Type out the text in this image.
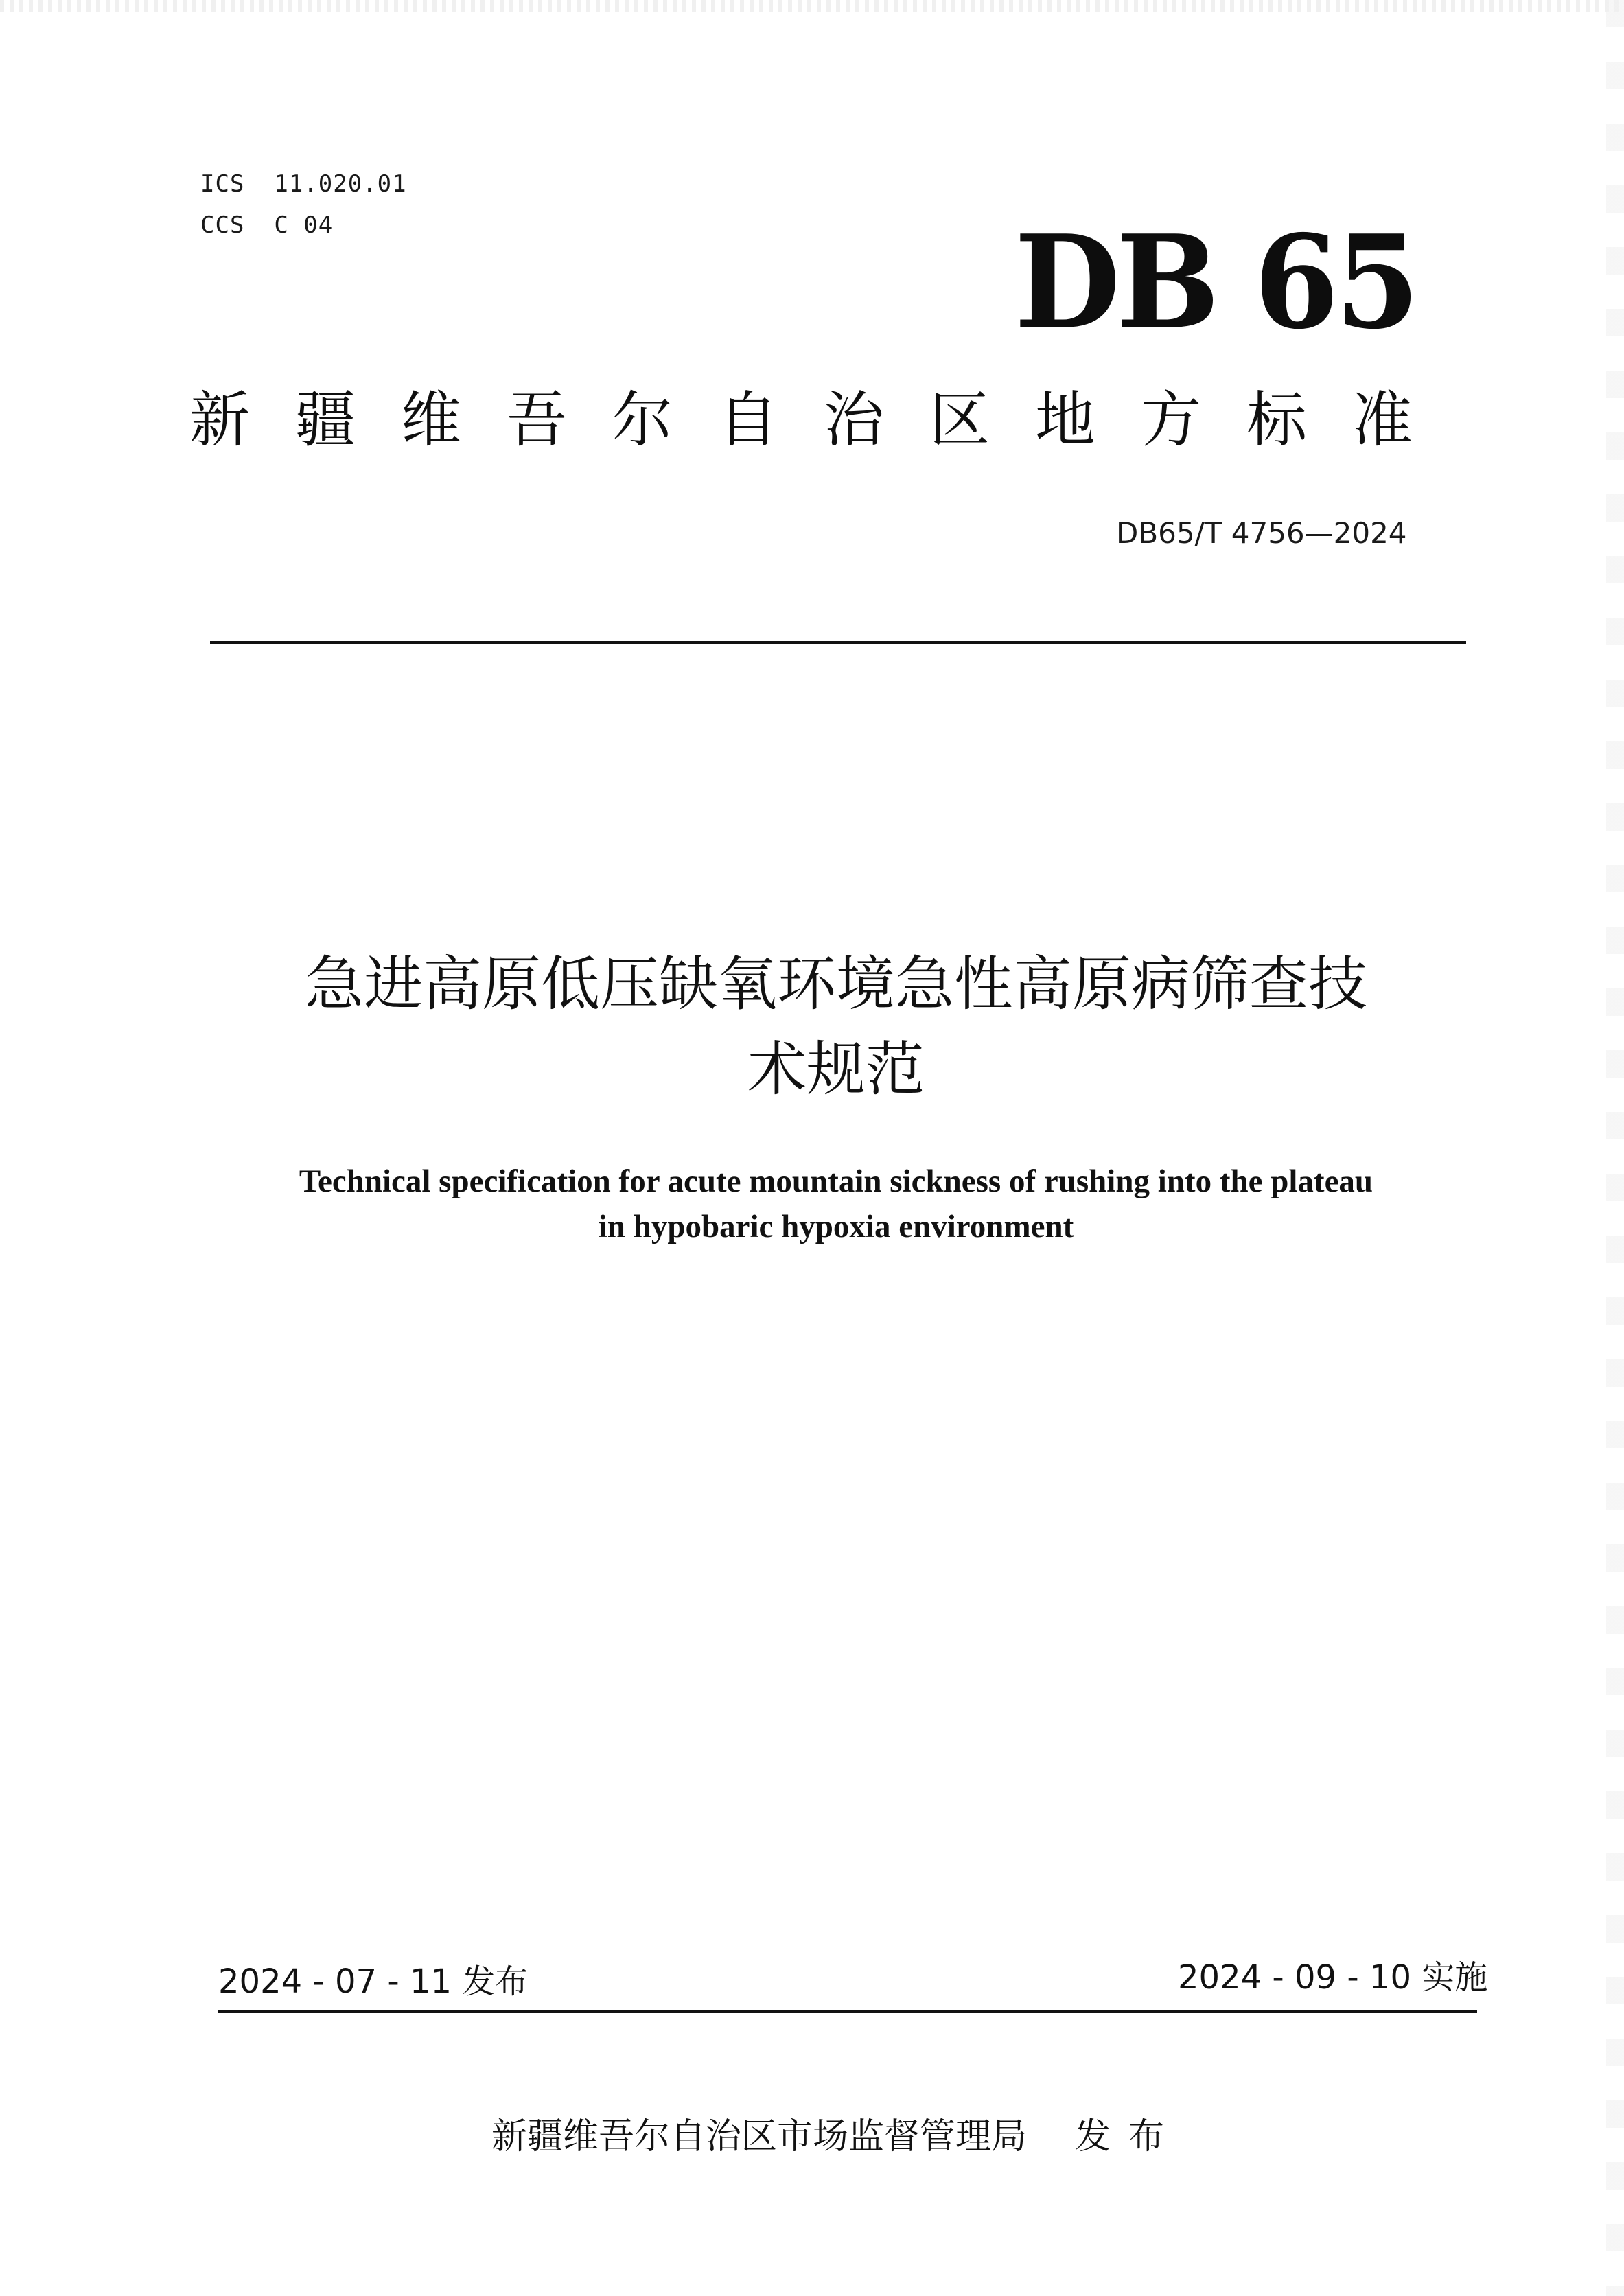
ICS  11.020.01
CCS  C 04	DB 65
新疆维吾尔自治区地方标准
DB65/T 4756—2024
急进高原低压缺氧环境急性高原病筛查技
术规范
Technical specification for acute mountain sickness of rushing into the plateau
in hypobaric hypoxia environment
2024 - 07 - 11 发布	2024 - 09 - 10 实施
新疆维吾尔自治区市场监督管理局 发布
